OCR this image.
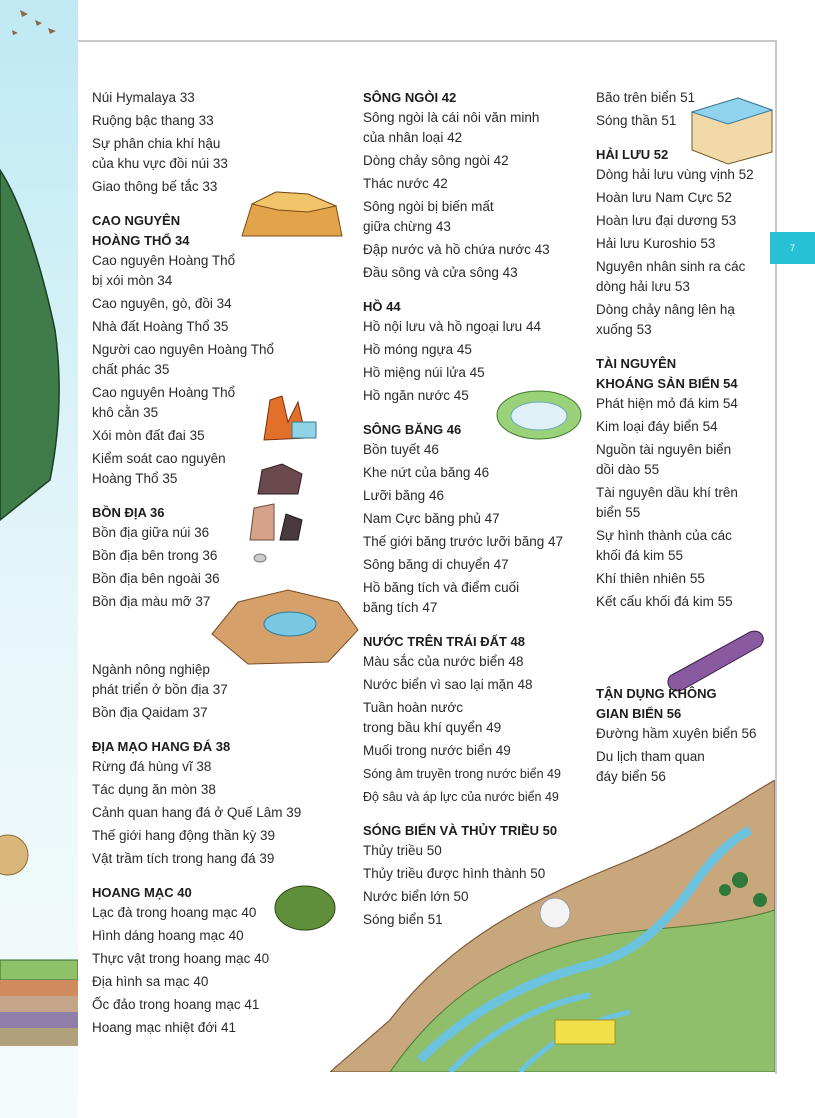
7
Núi Hymalaya 33
Ruộng bậc thang 33
Sự phân chia khí hậu
của khu vực đồi núi 33
Giao thông bế tắc 33
CAO NGUYÊN
HOÀNG THỔ 34
Cao nguyên Hoàng Thổ
bị xói mòn 34
Cao nguyên, gò, đồi 34
Nhà đất Hoàng Thổ 35
Người cao nguyên Hoàng Thổ
chất phác 35
Cao nguyên Hoàng Thổ
khô cằn 35
Xói mòn đất đai 35
Kiểm soát cao nguyên
Hoàng Thổ 35
BỒN ĐỊA 36
Bồn địa giữa núi 36
Bồn địa bên trong 36
Bồn địa bên ngoài 36
Bồn địa màu mỡ 37
Ngành nông nghiệp
phát triển ở bồn địa 37
Bồn địa Qaidam 37
ĐỊA MẠO HANG ĐÁ 38
Rừng đá hùng vĩ 38
Tác dụng ăn mòn 38
Cảnh quan hang đá ở Quế Lâm 39
Thế giới hang động thần kỳ 39
Vật trầm tích trong hang đá 39
HOANG MẠC 40
Lạc đà trong hoang mạc 40
Hình dáng hoang mạc 40
Thực vật trong hoang mạc 40
Địa hình sa mạc 40
Ốc đảo trong hoang mạc 41
Hoang mạc nhiệt đới 41
SÔNG NGÒI 42
Sông ngòi là cái nôi văn minh
của nhân loại 42
Dòng chảy sông ngòi 42
Thác nước 42
Sông ngòi bị biến mất
giữa chừng 43
Đập nước và hồ chứa nước 43
Đầu sông và cửa sông 43
HỒ 44
Hồ nội lưu và hồ ngoại lưu 44
Hồ móng ngựa 45
Hồ miệng núi lửa 45
Hồ ngăn nước 45
SÔNG BĂNG 46
Bồn tuyết 46
Khe nứt của băng 46
Lưỡi băng 46
Nam Cực băng phủ 47
Thế giới băng trước lưỡi băng 47
Sông băng di chuyển 47
Hồ băng tích và điểm cuối
băng tích 47
NƯỚC TRÊN TRÁI ĐẤT 48
Màu sắc của nước biển 48
Nước biển vì sao lại mặn 48
Tuần hoàn nước
trong bầu khí quyển 49
Muối trong nước biển 49
Sóng âm truyền trong nước biển 49
Độ sâu và áp lực của nước biển 49
SÓNG BIỂN VÀ THỦY TRIỀU 50
Thủy triều 50
Thủy triều được hình thành 50
Nước biển lớn 50
Sóng biển 51
Bão trên biển 51
Sóng thần 51
HẢI LƯU 52
Dòng hải lưu vùng vịnh 52
Hoàn lưu Nam Cực 52
Hoàn lưu đại dương 53
Hải lưu Kuroshio 53
Nguyên nhân sinh ra các
dòng hải lưu 53
Dòng chảy nâng lên hạ
xuống 53
TÀI NGUYÊN
KHOÁNG SẢN BIỂN 54
Phát hiện mỏ đá kim 54
Kim loại đáy biển 54
Nguồn tài nguyên biển
dồi dào 55
Tài nguyên dầu khí trên
biển 55
Sự hình thành của các
khối đá kim 55
Khí thiên nhiên 55
Kết cấu khối đá kim 55
TẬN DỤNG KHÔNG
GIAN BIỂN 56
Đường hầm xuyên biển 56
Du lịch tham quan
đáy biển 56
